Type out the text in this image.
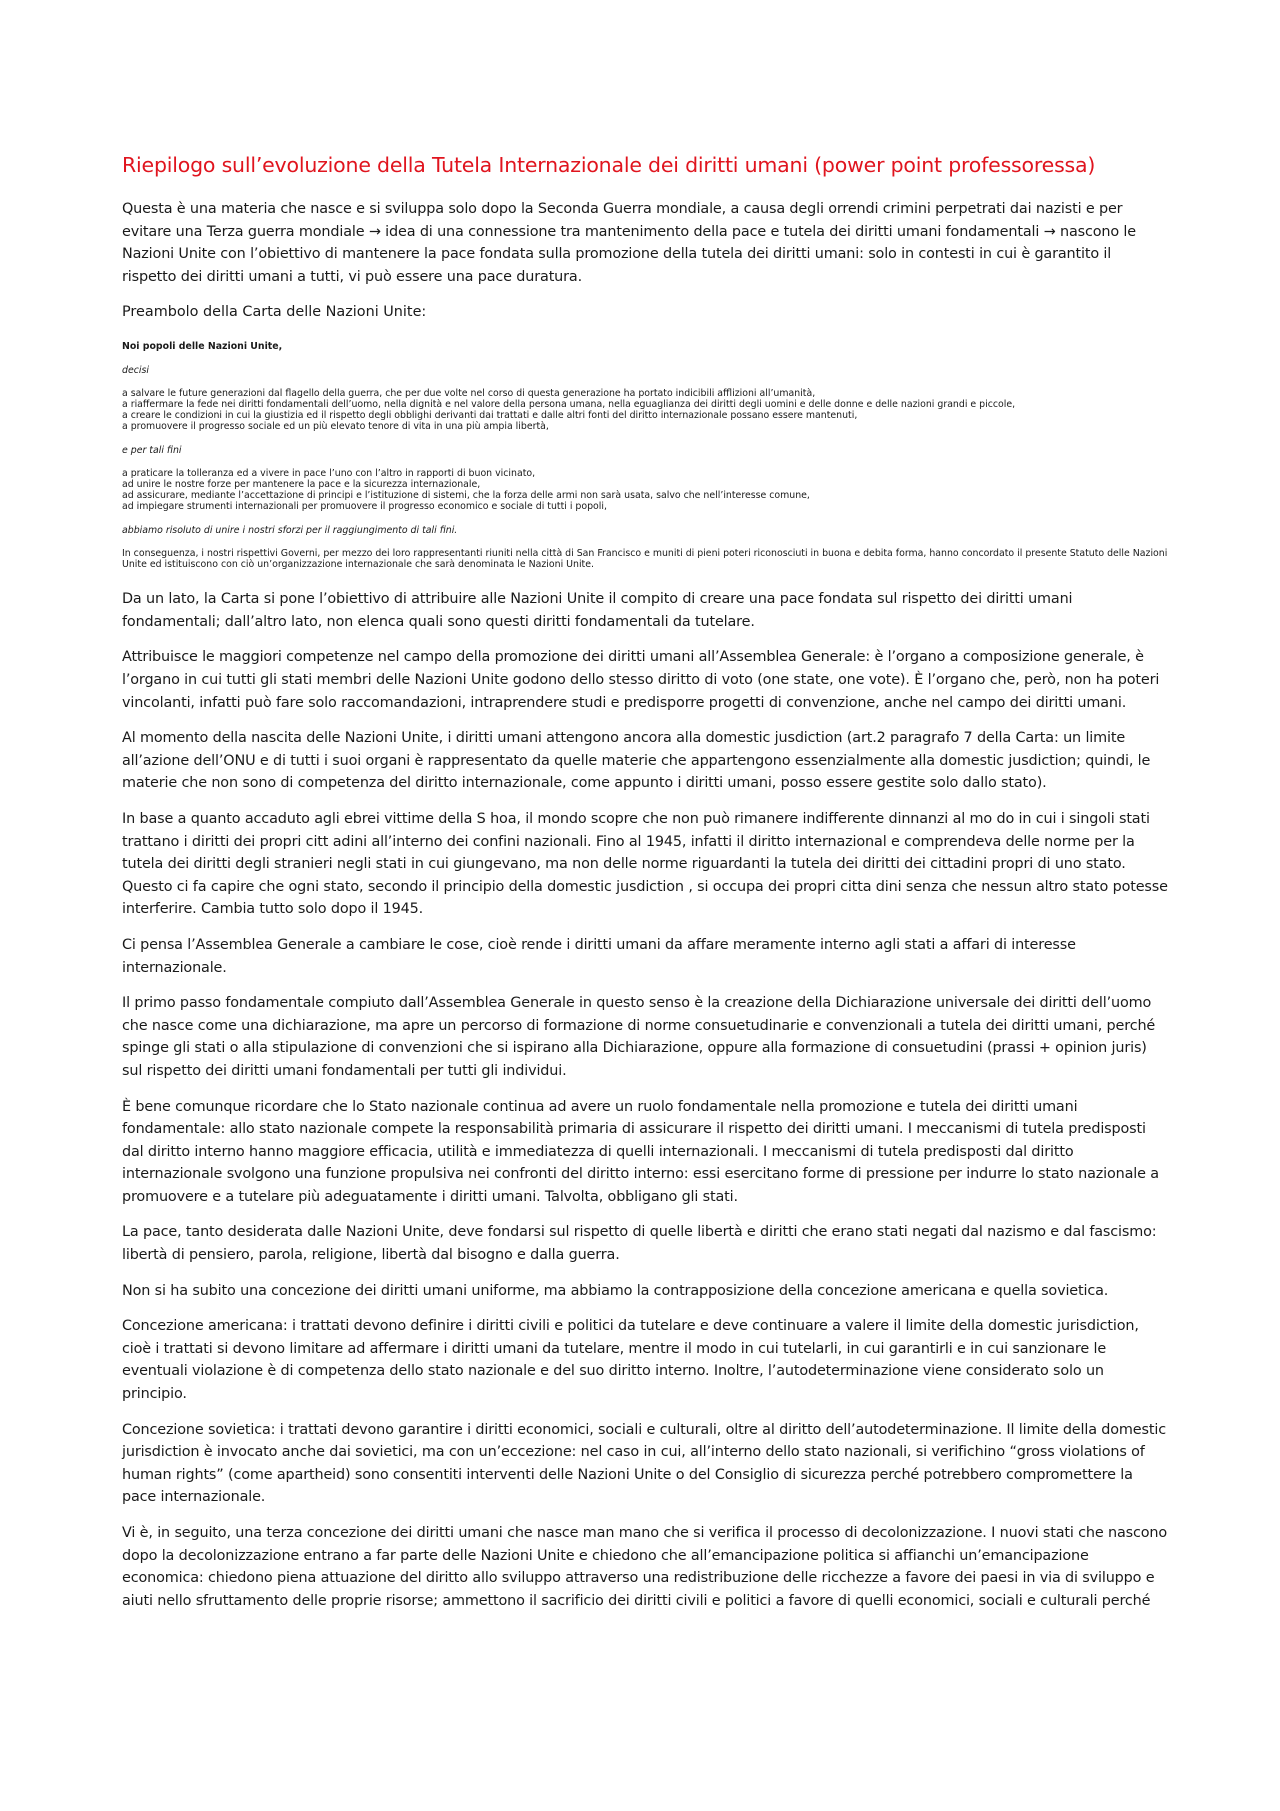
Riepilogo sull’evoluzione della Tutela Internazionale dei diritti umani (power point professoressa)

Questa è una materia che nasce e si sviluppa solo dopo la Seconda Guerra mondiale, a causa degli orrendi crimini perpetrati dai nazisti e per evitare una Terza guerra mondiale → idea di una connessione tra mantenimento della pace e tutela dei diritti umani fondamentali → nascono le Nazioni Unite con l’obiettivo di mantenere la pace fondata sulla promozione della tutela dei diritti umani: solo in contesti in cui è garantito il rispetto dei diritti umani a tutti, vi può essere una pace duratura.

Preambolo della Carta delle Nazioni Unite:

Noi popoli delle Nazioni Unite,

decisi

a salvare le future generazioni dal flagello della guerra, che per due volte nel corso di questa generazione ha portato indicibili afflizioni all’umanità,
a riaffermare la fede nei diritti fondamentali dell’uomo, nella dignità e nel valore della persona umana, nella eguaglianza dei diritti degli uomini e delle donne e delle nazioni grandi e piccole,
a creare le condizioni in cui la giustizia ed il rispetto degli obblighi derivanti dai trattati e dalle altri fonti del diritto internazionale possano essere mantenuti,
a promuovere il progresso sociale ed un più elevato tenore di vita in una più ampia libertà,

e per tali fini

a praticare la tolleranza ed a vivere in pace l’uno con l’altro in rapporti di buon vicinato,
ad unire le nostre forze per mantenere la pace e la sicurezza internazionale,
ad assicurare, mediante l’accettazione di principi e l’istituzione di sistemi, che la forza delle armi non sarà usata, salvo che nell’interesse comune,
ad impiegare strumenti internazionali per promuovere il progresso economico e sociale di tutti i popoli,

abbiamo risoluto di unire i nostri sforzi per il raggiungimento di tali fini.

In conseguenza, i nostri rispettivi Governi, per mezzo dei loro rappresentanti riuniti nella città di San Francisco e muniti di pieni poteri riconosciuti in buona e debita forma, hanno concordato il presente Statuto delle Nazioni Unite ed istituiscono con ciò un’organizzazione internazionale che sarà denominata le Nazioni Unite.

Da un lato, la Carta si pone l’obiettivo di attribuire alle Nazioni Unite il compito di creare una pace fondata sul rispetto dei diritti umani fondamentali; dall’altro lato, non elenca quali sono questi diritti fondamentali da tutelare.

Attribuisce le maggiori competenze nel campo della promozione dei diritti umani all’Assemblea Generale: è l’organo a composizione generale, è l’organo in cui tutti gli stati membri delle Nazioni Unite godono dello stesso diritto di voto (one state, one vote). È l’organo che, però, non ha poteri vincolanti, infatti può fare solo raccomandazioni, intraprendere studi e predisporre progetti di convenzione, anche nel campo dei diritti umani.

Al momento della nascita delle Nazioni Unite, i diritti umani attengono ancora alla domestic jusdiction (art.2 paragrafo 7 della Carta: un limite all’azione dell’ONU e di tutti i suoi organi è rappresentato da quelle materie che appartengono essenzialmente alla domestic jusdiction; quindi, le materie che non sono di competenza del diritto internazionale, come appunto i diritti umani, posso essere gestite solo dallo stato).

In base a quanto accaduto agli ebrei vittime della S hoa, il mondo scopre che non può rimanere indifferente dinnanzi al mo do in cui i singoli stati trattano i diritti dei propri citt adini all’interno dei confini nazionali. Fino al 1945, infatti il diritto internazional e comprendeva delle norme per la tutela dei diritti degli stranieri negli stati in cui giungevano, ma non delle norme riguardanti la tutela dei diritti dei cittadini propri di uno stato. Questo ci fa capire che ogni stato, secondo il principio della domestic jusdiction , si occupa dei propri citta dini senza che nessun altro stato potesse interferire. Cambia tutto solo dopo il 1945.

Ci pensa l’Assemblea Generale a cambiare le cose, cioè rende i diritti umani da affare meramente interno agli stati a affari di interesse internazionale.

Il primo passo fondamentale compiuto dall’Assemblea Generale in questo senso è la creazione della Dichiarazione universale dei diritti dell’uomo che nasce come una dichiarazione, ma apre un percorso di formazione di norme consuetudinarie e convenzionali a tutela dei diritti umani, perché spinge gli stati o alla stipulazione di convenzioni che si ispirano alla Dichiarazione, oppure alla formazione di consuetudini (prassi + opinion juris) sul rispetto dei diritti umani fondamentali per tutti gli individui.

È bene comunque ricordare che lo Stato nazionale continua ad avere un ruolo fondamentale nella promozione e tutela dei diritti umani fondamentale: allo stato nazionale compete la responsabilità primaria di assicurare il rispetto dei diritti umani. I meccanismi di tutela predisposti dal diritto interno hanno maggiore efficacia, utilità e immediatezza di quelli internazionali. I meccanismi di tutela predisposti dal diritto internazionale svolgono una funzione propulsiva nei confronti del diritto interno: essi esercitano forme di pressione per indurre lo stato nazionale a promuovere e a tutelare più adeguatamente i diritti umani. Talvolta, obbligano gli stati.

La pace, tanto desiderata dalle Nazioni Unite, deve fondarsi sul rispetto di quelle libertà e diritti che erano stati negati dal nazismo e dal fascismo: libertà di pensiero, parola, religione, libertà dal bisogno e dalla guerra.

Non si ha subito una concezione dei diritti umani uniforme, ma abbiamo la contrapposizione della concezione americana e quella sovietica.

Concezione americana: i trattati devono definire i diritti civili e politici da tutelare e deve continuare a valere il limite della domestic jurisdiction, cioè i trattati si devono limitare ad affermare i diritti umani da tutelare, mentre il modo in cui tutelarli, in cui garantirli e in cui sanzionare le eventuali violazione è di competenza dello stato nazionale e del suo diritto interno. Inoltre, l’autodeterminazione viene considerato solo un principio.

Concezione sovietica: i trattati devono garantire i diritti economici, sociali e culturali, oltre al diritto dell’autodeterminazione. Il limite della domestic jurisdiction è invocato anche dai sovietici, ma con un’eccezione: nel caso in cui, all’interno dello stato nazionali, si verifichino “gross violations of human rights” (come apartheid) sono consentiti interventi delle Nazioni Unite o del Consiglio di sicurezza perché potrebbero compromettere la pace internazionale.

Vi è, in seguito, una terza concezione dei diritti umani che nasce man mano che si verifica il processo di decolonizzazione. I nuovi stati che nascono dopo la decolonizzazione entrano a far parte delle Nazioni Unite e chiedono che all’emancipazione politica si affianchi un’emancipazione economica: chiedono piena attuazione del diritto allo sviluppo attraverso una redistribuzione delle ricchezze a favore dei paesi in via di sviluppo e aiuti nello sfruttamento delle proprie risorse; ammettono il sacrificio dei diritti civili e politici a favore di quelli economici, sociali e culturali perché
